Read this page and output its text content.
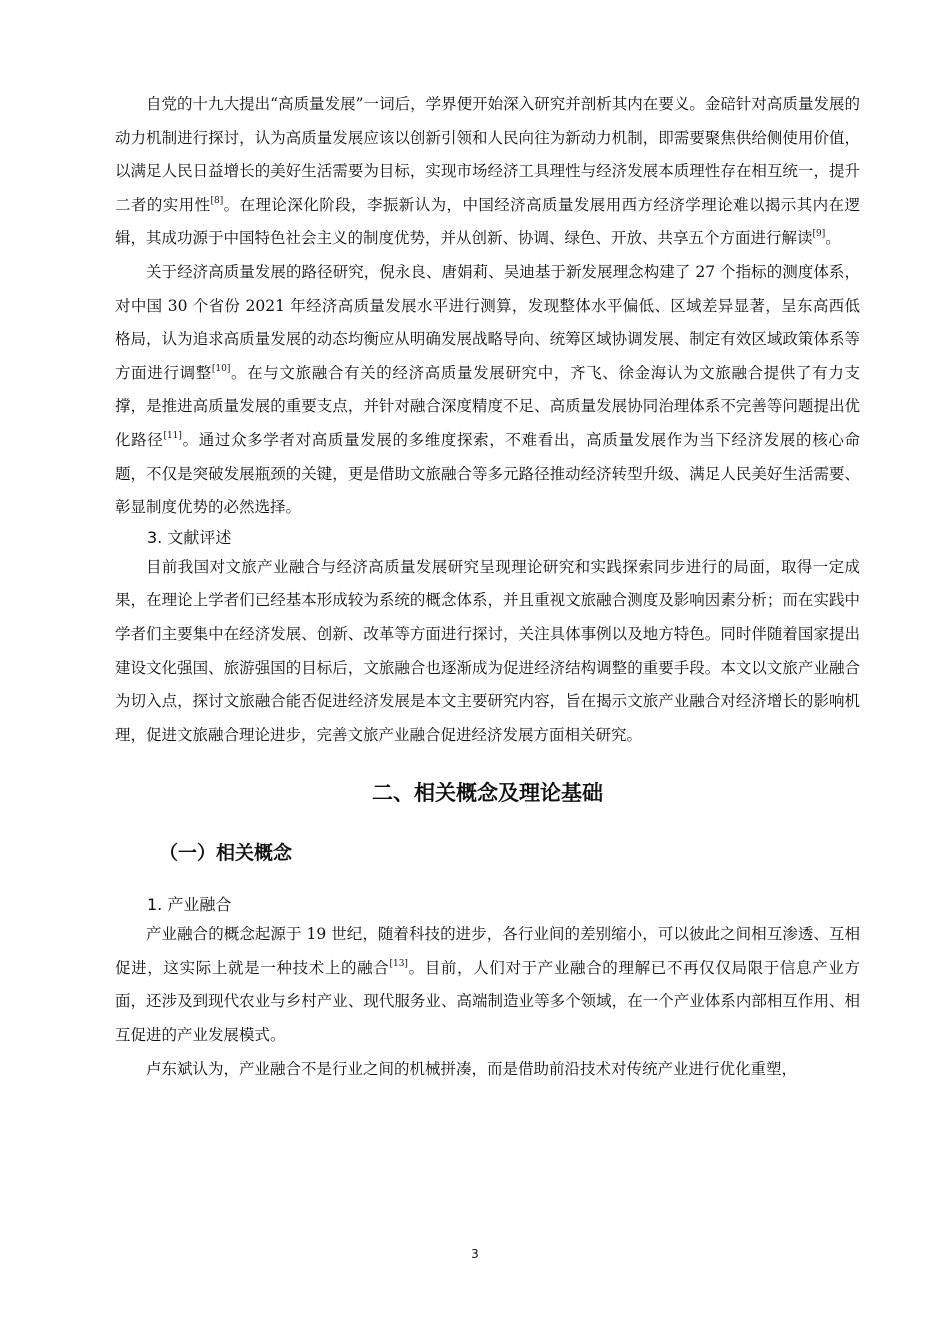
自党的十九大提出“高质量发展”一词后，学界便开始深入研究并剖析其内在要义。金碚针对高质量发展的动力机制进行探讨，认为高质量发展应该以创新引领和人民向往为新动力机制，即需要聚焦供给侧使用价值，以满足人民日益增长的美好生活需要为目标，实现市场经济工具理性与经济发展本质理性存在相互统一，提升二者的实用性[8]。在理论深化阶段，李振新认为，中国经济高质量发展用西方经济学理论难以揭示其内在逻辑，其成功源于中国特色社会主义的制度优势，并从创新、协调、绿色、开放、共享五个方面进行解读[9]。

关于经济高质量发展的路径研究，倪永良、唐娟莉、吴迪基于新发展理念构建了 27 个指标的测度体系，对中国 30 个省份 2021 年经济高质量发展水平进行测算，发现整体水平偏低、区域差异显著，呈东高西低格局，认为追求高质量发展的动态均衡应从明确发展战略导向、统筹区域协调发展、制定有效区域政策体系等方面进行调整[10]。在与文旅融合有关的经济高质量发展研究中，齐飞、徐金海认为文旅融合提供了有力支撑，是推进高质量发展的重要支点，并针对融合深度精度不足、高质量发展协同治理体系不完善等问题提出优化路径[11]。通过众多学者对高质量发展的多维度探索，不难看出，高质量发展作为当下经济发展的核心命题，不仅是突破发展瓶颈的关键，更是借助文旅融合等多元路径推动经济转型升级、满足人民美好生活需要、彰显制度优势的必然选择。

3. 文献评述

目前我国对文旅产业融合与经济高质量发展研究呈现理论研究和实践探索同步进行的局面，取得一定成果，在理论上学者们已经基本形成较为系统的概念体系，并且重视文旅融合测度及影响因素分析；而在实践中学者们主要集中在经济发展、创新、改革等方面进行探讨，关注具体事例以及地方特色。同时伴随着国家提出建设文化强国、旅游强国的目标后，文旅融合也逐渐成为促进经济结构调整的重要手段。本文以文旅产业融合为切入点，探讨文旅融合能否促进经济发展是本文主要研究内容，旨在揭示文旅产业融合对经济增长的影响机理，促进文旅融合理论进步，完善文旅产业融合促进经济发展方面相关研究。

二、相关概念及理论基础
（一）相关概念
1. 产业融合

产业融合的概念起源于 19 世纪，随着科技的进步，各行业间的差别缩小，可以彼此之间相互渗透、互相促进，这实际上就是一种技术上的融合[13]。目前，人们对于产业融合的理解已不再仅仅局限于信息产业方面，还涉及到现代农业与乡村产业、现代服务业、高端制造业等多个领域，在一个产业体系内部相互作用、相互促进的产业发展模式。

卢东斌认为，产业融合不是行业之间的机械拼凑，而是借助前沿技术对传统产业进行优化重塑，

3
